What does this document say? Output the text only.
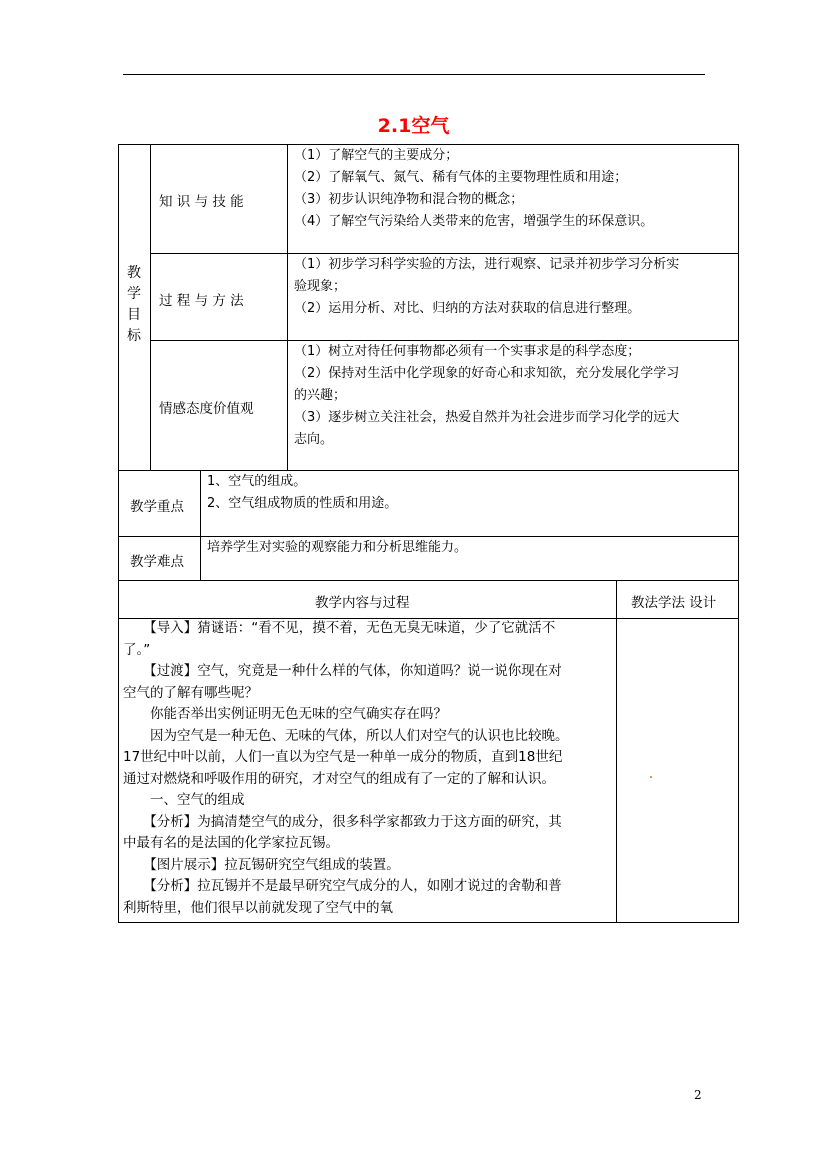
2.1空气
教
学
目
标
知 识 与 技 能
过 程 与 方 法
情感态度价值观
（1）了解空气的主要成分；
（2）了解氧气、氮气、稀有气体的主要物理性质和用途；
（3）初步认识纯净物和混合物的概念；
（4）了解空气污染给人类带来的危害，增强学生的环保意识。
（1）初步学习科学实验的方法，进行观察、记录并初步学习分析实
验现象；
（2）运用分析、对比、归纳的方法对获取的信息进行整理。
（1）树立对待任何事物都必须有一个实事求是的科学态度；
（2）保持对生活中化学现象的好奇心和求知欲，充分发展化学学习
的兴趣；
（3）逐步树立关注社会，热爱自然并为社会进步而学习化学的远大
志向。
教学重点
1、空气的组成。
2、空气组成物质的性质和用途。
教学难点
培养学生对实验的观察能力和分析思维能力。
教学内容与过程	教法学法 设计
　　【导入】猜谜语：“看不见，摸不着，无色无臭无味道，少了它就活不
了。”
　　【过渡】空气，究竟是一种什么样的气体，你知道吗？说一说你现在对
空气的了解有哪些呢？
　　你能否举出实例证明无色无味的空气确实存在吗？
　　因为空气是一种无色、无味的气体，所以人们对空气的认识也比较晚。
17世纪中叶以前，人们一直以为空气是一种单一成分的物质，直到18世纪
通过对燃烧和呼吸作用的研究，才对空气的组成有了一定的了解和认识。
　　一、空气的组成
　　【分析】为搞清楚空气的成分，很多科学家都致力于这方面的研究，其
中最有名的是法国的化学家拉瓦锡。
　　【图片展示】拉瓦锡研究空气组成的装置。
　　【分析】拉瓦锡并不是最早研究空气成分的人，如刚才说过的舍勒和普
利斯特里，他们很早以前就发现了空气中的氧
2
